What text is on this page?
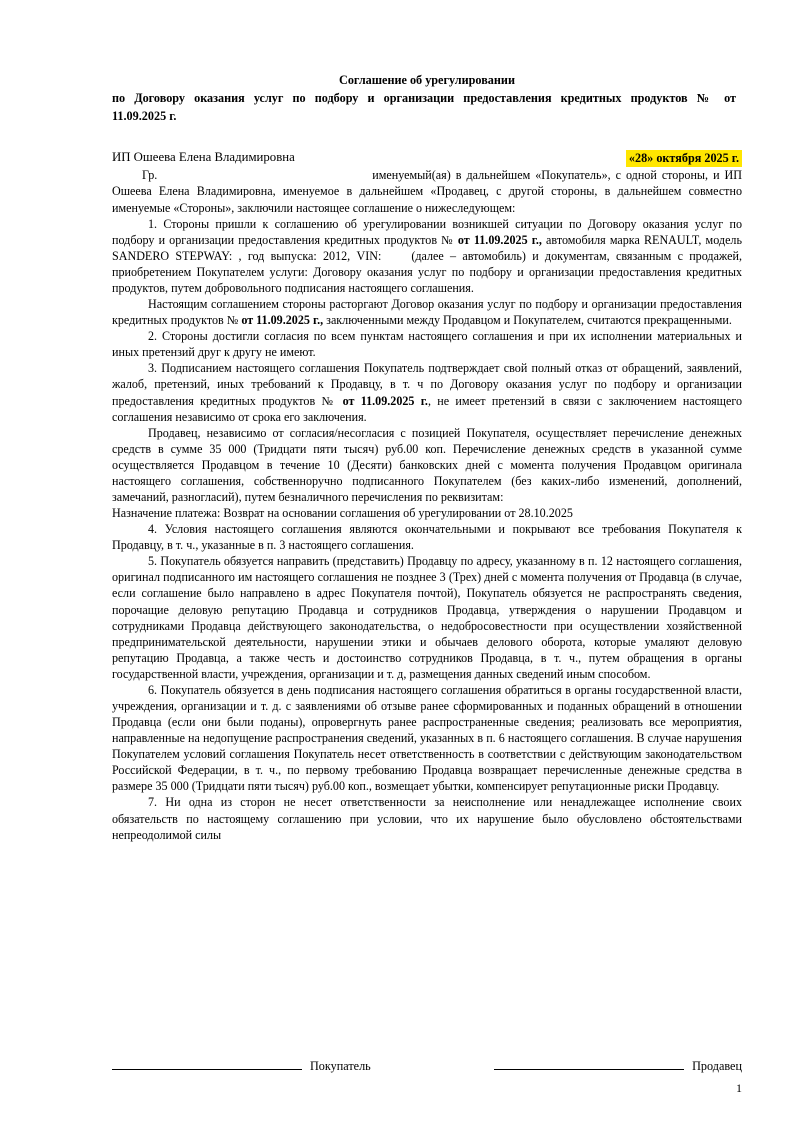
Соглашение об урегулировании
по Договору оказания услуг по подбору и организации предоставления кредитных продуктов № от
11.09.2025 г.
ИП Ошеева Елена Владимировна	«28» октября 2025 г.

Гр.	именуемый(ая) в дальнейшем «Покупатель», с одной стороны, и ИП Ошеева Елена Владимировна, именуемое в дальнейшем «Продавец, с другой стороны, в дальнейшем совместно именуемые «Стороны», заключили настоящее соглашение о нижеследующем:

1. Стороны пришли к соглашению об урегулировании возникшей ситуации по Договору оказания услуг по подбору и организации предоставления кредитных продуктов № от 11.09.2025 г., автомобиля марка RENAULT, модель SANDERO STEPWAY: , год выпуска: 2012, VIN: (далее – автомобиль) и документам, связанным с продажей, приобретением Покупателем услуги: Договору оказания услуг по подбору и организации предоставления кредитных продуктов, путем добровольного подписания настоящего соглашения.

Настоящим соглашением стороны расторгают Договор оказания услуг по подбору и организации предоставления кредитных продуктов № от 11.09.2025 г., заключенными между Продавцом и Покупателем, считаются прекращенными.

2. Стороны достигли согласия по всем пунктам настоящего соглашения и при их исполнении материальных и иных претензий друг к другу не имеют.

3. Подписанием настоящего соглашения Покупатель подтверждает свой полный отказ от обращений, заявлений, жалоб, претензий, иных требований к Продавцу, в т. ч по Договору оказания услуг по подбору и организации предоставления кредитных продуктов № от 11.09.2025 г., не имеет претензий в связи с заключением настоящего соглашения независимо от срока его заключения.

Продавец, независимо от согласия/несогласия с позицией Покупателя, осуществляет перечисление денежных средств в сумме 35 000 (Тридцати пяти тысяч) руб.00 коп. Перечисление денежных средств в указанной сумме осуществляется Продавцом в течение 10 (Десяти) банковских дней с момента получения Продавцом оригинала настоящего соглашения, собственноручно подписанного Покупателем (без каких-либо изменений, дополнений, замечаний, разногласий), путем безналичного перечисления по реквизитам:

Назначение платежа: Возврат на основании соглашения об урегулировании от 28.10.2025

4. Условия настоящего соглашения являются окончательными и покрывают все требования Покупателя к Продавцу, в т. ч., указанные в п. 3 настоящего соглашения.

5. Покупатель обязуется направить (представить) Продавцу по адресу, указанному в п. 12 настоящего соглашения, оригинал подписанного им настоящего соглашения не позднее 3 (Трех) дней с момента получения от Продавца (в случае, если соглашение было направлено в адрес Покупателя почтой), Покупатель обязуется не распространять сведения, порочащие деловую репутацию Продавца и сотрудников Продавца, утверждения о нарушении Продавцом и сотрудниками Продавца действующего законодательства, о недобросовестности при осуществлении хозяйственной предпринимательской деятельности, нарушении этики и обычаев делового оборота, которые умаляют деловую репутацию Продавца, а также честь и достоинство сотрудников Продавца, в т. ч., путем обращения в органы государственной власти, учреждения, организации и т. д, размещения данных сведений иным способом.

6. Покупатель обязуется в день подписания настоящего соглашения обратиться в органы государственной власти, учреждения, организации и т. д. с заявлениями об отзыве ранее сформированных и поданных обращений в отношении Продавца (если они были поданы), опровергнуть ранее распространенные сведения; реализовать все мероприятия, направленные на недопущение распространения сведений, указанных в п. 6 настоящего соглашения. В случае нарушения Покупателем условий соглашения Покупатель несет ответственность в соответствии с действующим законодательством Российской Федерации, в т. ч., по первому требованию Продавца возвращает перечисленные денежные средства в размере 35 000 (Тридцати пяти тысяч) руб.00 коп., возмещает убытки, компенсирует репутационные риски Продавцу.

7. Ни одна из сторон не несет ответственности за неисполнение или ненадлежащее исполнение своих обязательств по настоящему соглашению при условии, что их нарушение было обусловлено обстоятельствами непреодолимой силы

Покупатель	Продавец
1
